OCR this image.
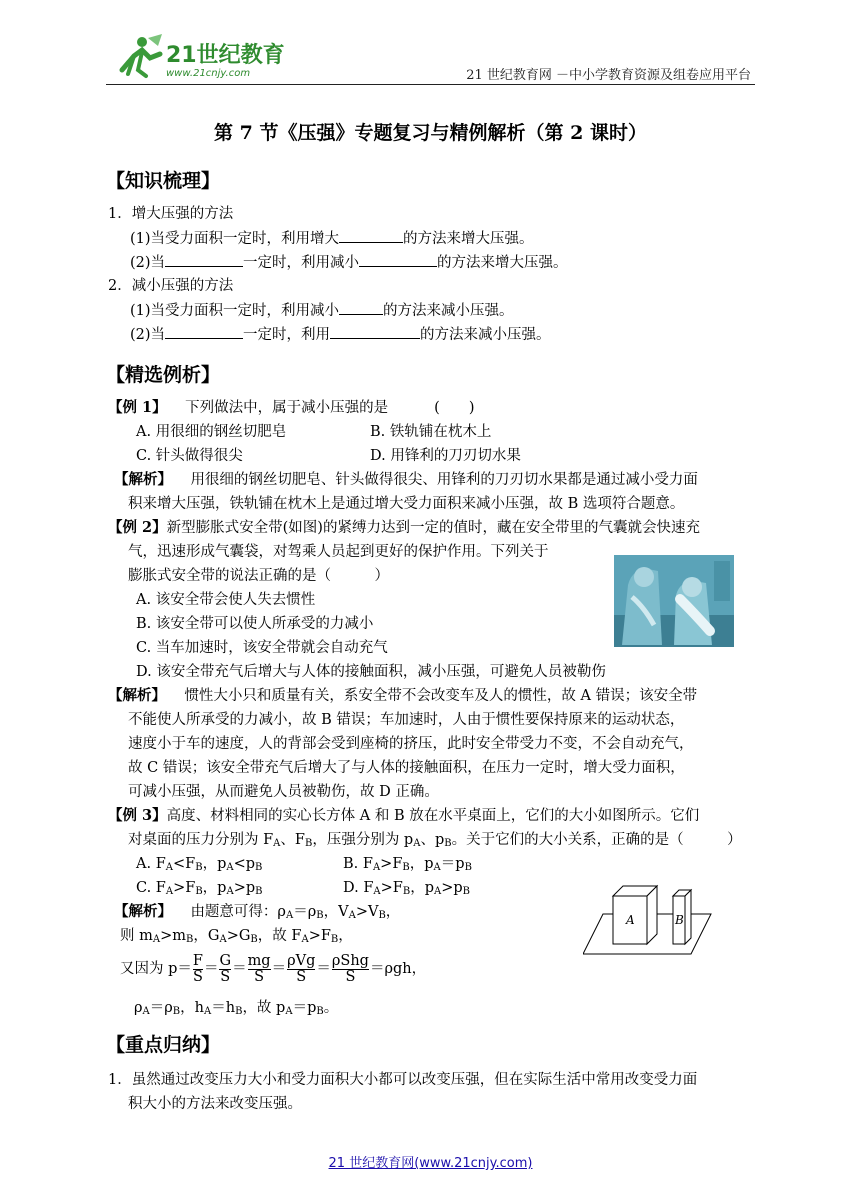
21世纪教育
www.21cnjy.com	21 世纪教育网 －中小学教育资源及组卷应用平台
第 7 节《压强》专题复习与精例解析（第 2 课时）
【知识梳理】
1．增大压强的方法
(1)当受力面积一定时，利用增大	的方法来增大压强。
(2)当	一定时，利用减小	的方法来增大压强。
2．减小压强的方法
(1)当受力面积一定时，利用减小	的方法来减小压强。
(2)当	一定时，利用	的方法来减小压强。
【精选例析】
【例 1】 下列做法中，属于减小压强的是	(　　)
A. 用很细的钢丝切肥皂	B. 铁轨铺在枕木上
C. 针头做得很尖	D. 用锋利的刀刃切水果
【解析】 用很细的钢丝切肥皂、针头做得很尖、用锋利的刀刃切水果都是通过减小受力面
积来增大压强，铁轨铺在枕木上是通过增大受力面积来减小压强，故 B 选项符合题意。
【例 2】新型膨胀式安全带(如图)的紧缚力达到一定的值时，藏在安全带里的气囊就会快速充
气，迅速形成气囊袋，对驾乘人员起到更好的保护作用。下列关于
膨胀式安全带的说法正确的是（　　　）
A. 该安全带会使人失去惯性
B. 该安全带可以使人所承受的力减小
C. 当车加速时，该安全带就会自动充气
D. 该安全带充气后增大与人体的接触面积，减小压强，可避免人员被勒伤
【解析】 惯性大小只和质量有关，系安全带不会改变车及人的惯性，故 A 错误；该安全带
不能使人所承受的力减小，故 B 错误；车加速时，人由于惯性要保持原来的运动状态，
速度小于车的速度，人的背部会受到座椅的挤压，此时安全带受力不变，不会自动充气，
故 C 错误；该安全带充气后增大了与人体的接触面积，在压力一定时，增大受力面积，
可减小压强，从而避免人员被勒伤，故 D 正确。
【例 3】高度、材料相同的实心长方体 A 和 B 放在水平桌面上，它们的大小如图所示。它们
对桌面的压力分别为 $F_A$、$F_B$，压强分别为 $p_A$、$p_B$。关于它们的大小关系，正确的是（　　　）
A. $F_A<F_B$，$p_A<p_B$	B. $F_A>F_B$，$p_A=p_B$
C. $F_A>F_B$，$p_A>p_B$	D. $F_A>F_B$，$p_A>p_B$
A	B
【解析】 由题意可得：$\rho_A=\rho_B$，$V_A>V_B$，
则 $m_A>m_B$，$G_A>G_B$，故 $F_A>F_B$，
又因为 $p= \frac{F}{S} = \frac{G}{S} = \frac{mg}{S} = \frac{\text{ρVg}}{S} = \frac{\text{ρShg}}{S} =\rho gh$，
$\rho_A=\rho_B$，$h_A=h_B$，故 $p_A=p_B$。
【重点归纳】
1．虽然通过改变压力大小和受力面积大小都可以改变压强，但在实际生活中常用改变受力面
积大小的方法来改变压强。
21 世纪教育网(www.21cnjy.com)
